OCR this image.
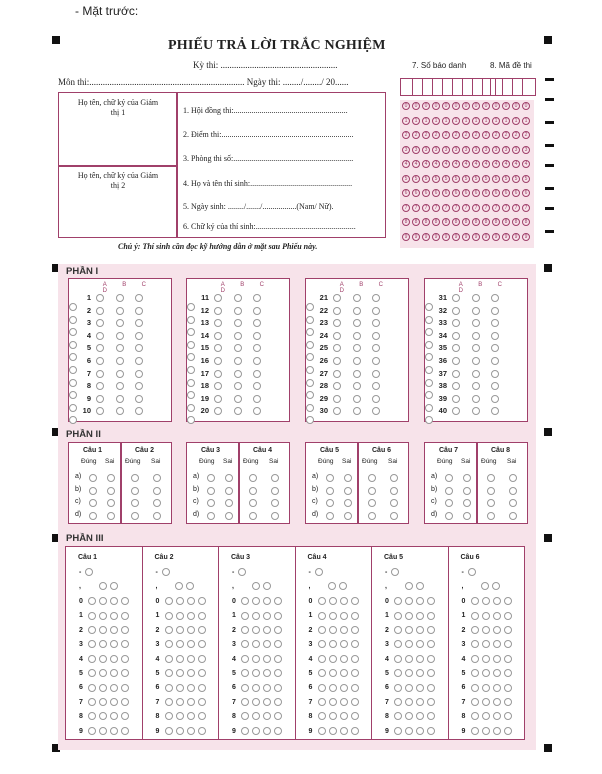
- Mặt trước:
PHIẾU TRẢ LỜI TRẮC NGHIỆM
Kỳ thi: ....................................................
Môn thi:..................................................................... Ngày thi: ......../......../ 20......
Họ tên, chữ ký của Giám thị 1
Họ tên, chữ ký của Giám thị 2
1. Hội đồng thi:.........................................................
2. Điểm thi:..................................................................
3. Phòng thi số:............................................................
4. Họ và tên thí sinh:...................................................
5. Ngày sinh: ......../......./.................(Nam/ Nữ).
6. Chữ ký của thí sinh:..................................................
Chú ý: Thí sinh cần đọc kỹ hướng dẫn ở mặt sau Phiếu này.
7. Số báo danh	8. Mã đề thi
0	0	0	0	0	0	0	0	0
1	1	1	1	1	1	1	1	1
2	2	2	2	2	2	2	2	2
3	3	3	3	3	3	3	3	3
4	4	4	4	4	4	4	4	4
5	5	5	5	5	5	5	5	5
6	6	6	6	6	6	6	6	6
7	7	7	7	7	7	7	7	7
8	8	8	8	8	8	8	8	8
9	9	9	9	9	9	9	9	9
0	0	0	0
1	1	1	1
2	2	2	2
3	3	3	3
4	4	4	4
5	5	5	5
6	6	6	6
7	7	7	7
8	8	8	8
9	9	9	9
PHẦN I
A	B	CD
1
2
3
4
5
6
7
8
9
10
A	B	CD
11
12
13
14
15
16
17
18
19
20
A	B	CD
21
22
23
24
25
26
27
28
29
30
A	B	CD
31
32
33
34
35
36
37
38
39
40
PHẦN II
Câu 1
Đúng Sai
a)
b)
c)
d)
Câu 2
Đúng Sai
Câu 3
Đúng Sai
a)
b)
c)
d)
Câu 4
Đúng Sai
Câu 5
Đúng Sai
a)
b)
c)
d)
Câu 6
Đúng Sai
Câu 7
Đúng Sai
a)
b)
c)
d)
Câu 8
Đúng Sai
PHẦN III
Câu 1
-
,
0
1
2
3
4
5
6
7
8
9
Câu 2
-
,
0
1
2
3
4
5
6
7
8
9
Câu 3
-
,
0
1
2
3
4
5
6
7
8
9
Câu 4
-
,
0
1
2
3
4
5
6
7
8
9
Câu 5
-
,
0
1
2
3
4
5
6
7
8
9
Câu 6
-
,
0
1
2
3
4
5
6
7
8
9
